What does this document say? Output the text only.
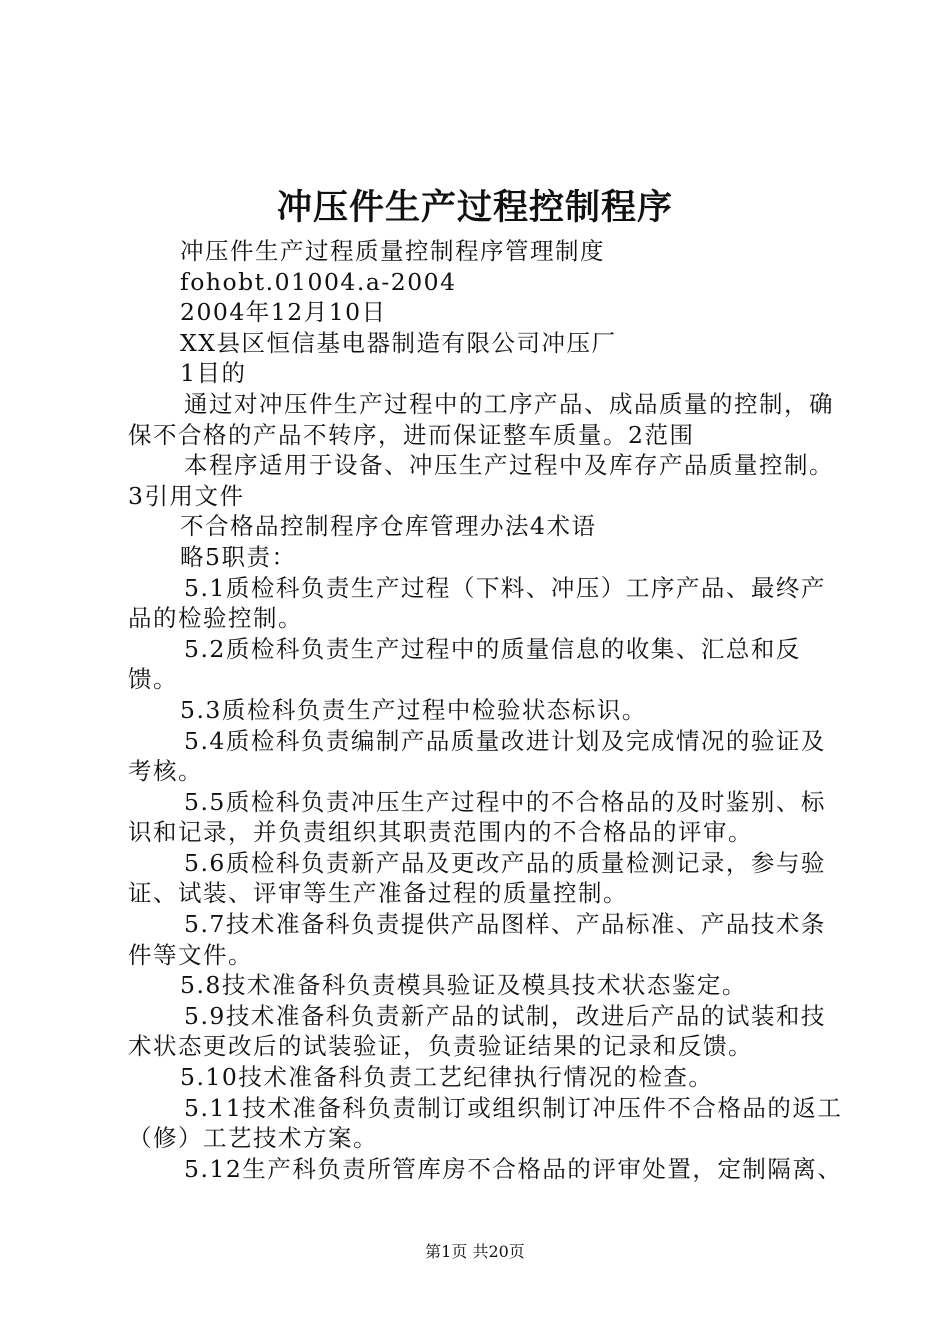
冲压件生产过程控制程序

冲压件生产过程质量控制程序管理制度

fohobt.01004.a-2004

2004年12月10日

XX县区恒信基电器制造有限公司冲压厂

1目的

通过对冲压件生产过程中的工序产品、成品质量的控制，确保不合格的产品不转序，进而保证整车质量。2范围

本程序适用于设备、冲压生产过程中及库存产品质量控制。3引用文件

不合格品控制程序仓库管理办法4术语

略5职责：

5.1质检科负责生产过程（下料、冲压）工序产品、最终产品的检验控制。

5.2质检科负责生产过程中的质量信息的收集、汇总和反馈。

5.3质检科负责生产过程中检验状态标识。

5.4质检科负责编制产品质量改进计划及完成情况的验证及考核。

5.5质检科负责冲压生产过程中的不合格品的及时鉴别、标识和记录，并负责组织其职责范围内的不合格品的评审。

5.6质检科负责新产品及更改产品的质量检测记录，参与验证、试装、评审等生产准备过程的质量控制。

5.7技术准备科负责提供产品图样、产品标准、产品技术条件等文件。

5.8技术准备科负责模具验证及模具技术状态鉴定。

5.9技术准备科负责新产品的试制，改进后产品的试装和技术状态更改后的试装验证，负责验证结果的记录和反馈。

5.10技术准备科负责工艺纪律执行情况的检查。

5.11技术准备科负责制订或组织制订冲压件不合格品的返工（修）工艺技术方案。

5.12生产科负责所管库房不合格品的评审处置，定制隔离、

第1页 共20页
